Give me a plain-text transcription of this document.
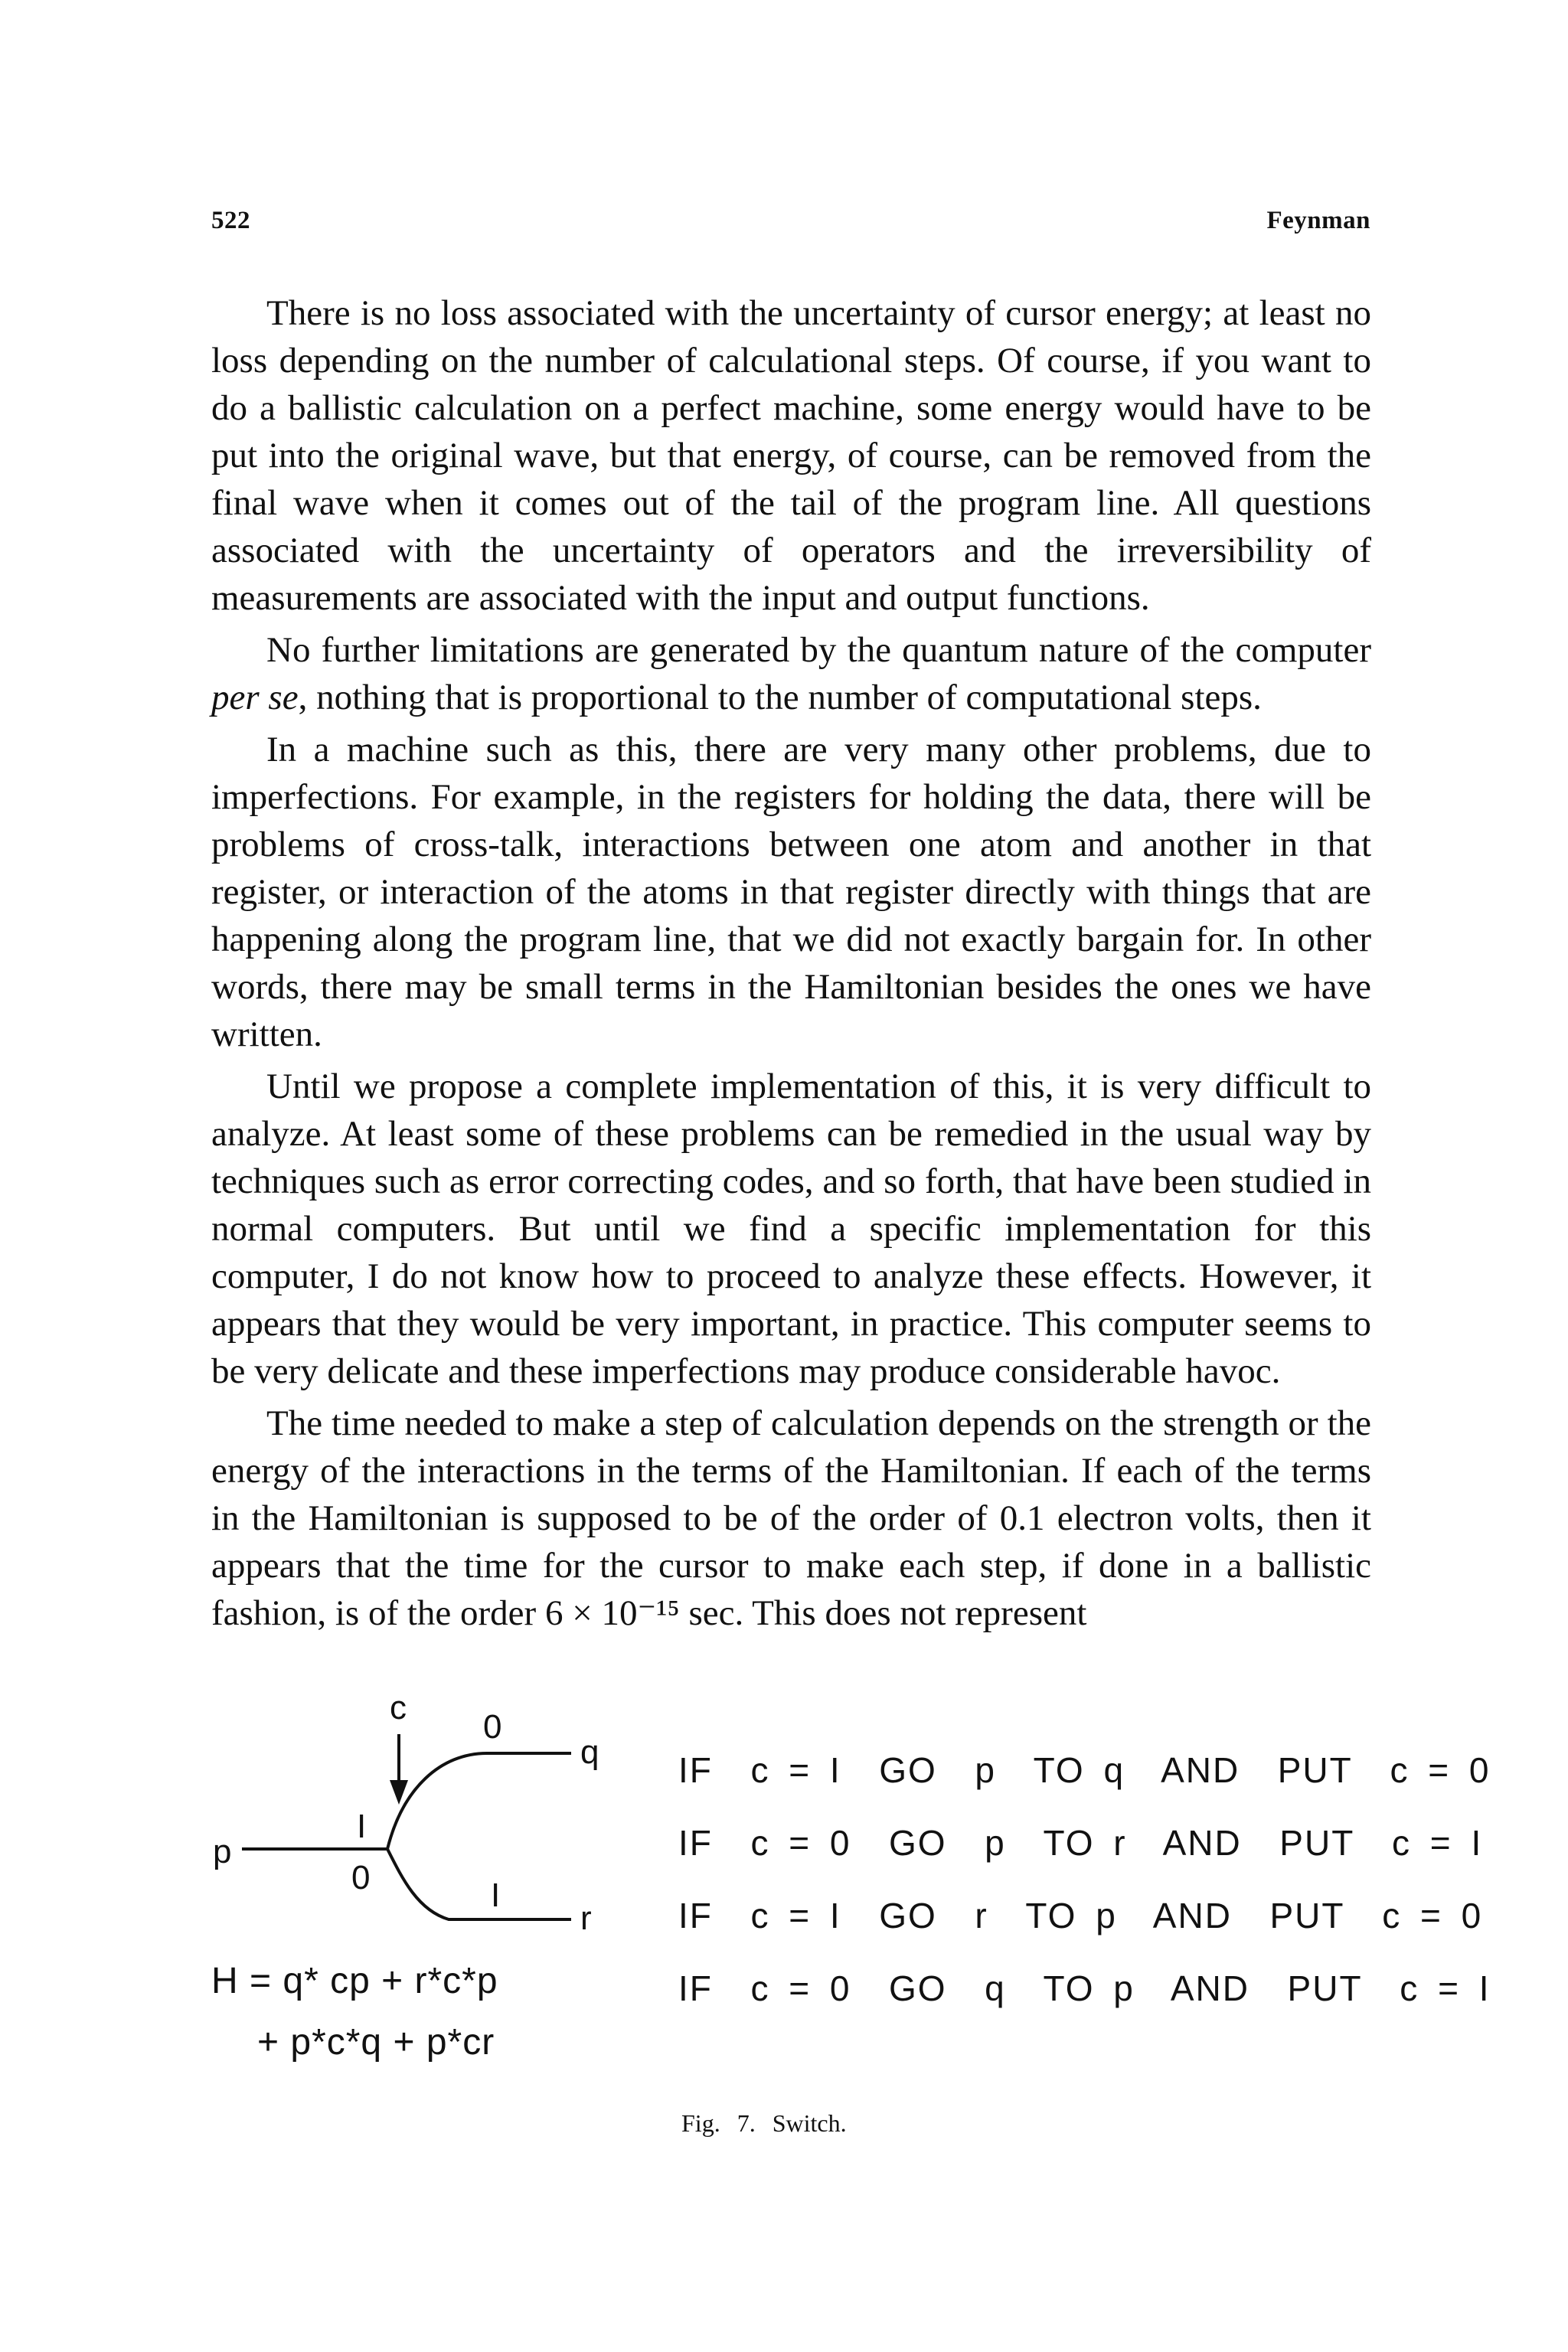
522	Feynman

There is no loss associated with the uncertainty of cursor energy; at least no loss depending on the number of calculational steps. Of course, if you want to do a ballistic calculation on a perfect machine, some energy would have to be put into the original wave, but that energy, of course, can be removed from the final wave when it comes out of the tail of the program line. All questions associated with the uncertainty of operators and the irreversibility of measurements are associated with the input and output functions.

No further limitations are generated by the quantum nature of the computer per se, nothing that is proportional to the number of computational steps.

In a machine such as this, there are very many other problems, due to imperfections. For example, in the registers for holding the data, there will be problems of cross-talk, interactions between one atom and another in that register, or interaction of the atoms in that register directly with things that are happening along the program line, that we did not exactly bargain for. In other words, there may be small terms in the Hamiltonian besides the ones we have written.

Until we propose a complete implementation of this, it is very difficult to analyze. At least some of these problems can be remedied in the usual way by techniques such as error correcting codes, and so forth, that have been studied in normal computers. But until we find a specific implementation for this computer, I do not know how to proceed to analyze these effects. However, it appears that they would be very important, in practice. This computer seems to be very delicate and these imperfections may produce considerable havoc.

The time needed to make a step of calculation depends on the strength or the energy of the interactions in the terms of the Hamiltonian. If each of the terms in the Hamiltonian is supposed to be of the order of 0.1 electron volts, then it appears that the time for the cursor to make each step, if done in a ballistic fashion, is of the order 6 × 10⁻¹⁵ sec. This does not represent

c
0
q
p
I
0	I
r
H = q* cp + r*c*p
+ p*c*q + p*cr
IF  c = I  GO  p  TO q  AND  PUT  c = 0
IF  c = 0  GO  p  TO r  AND  PUT  c = I
IF  c = I  GO  r  TO p  AND  PUT  c = 0
IF  c = 0  GO  q  TO p  AND  PUT  c = I
Fig. 7. Switch.
